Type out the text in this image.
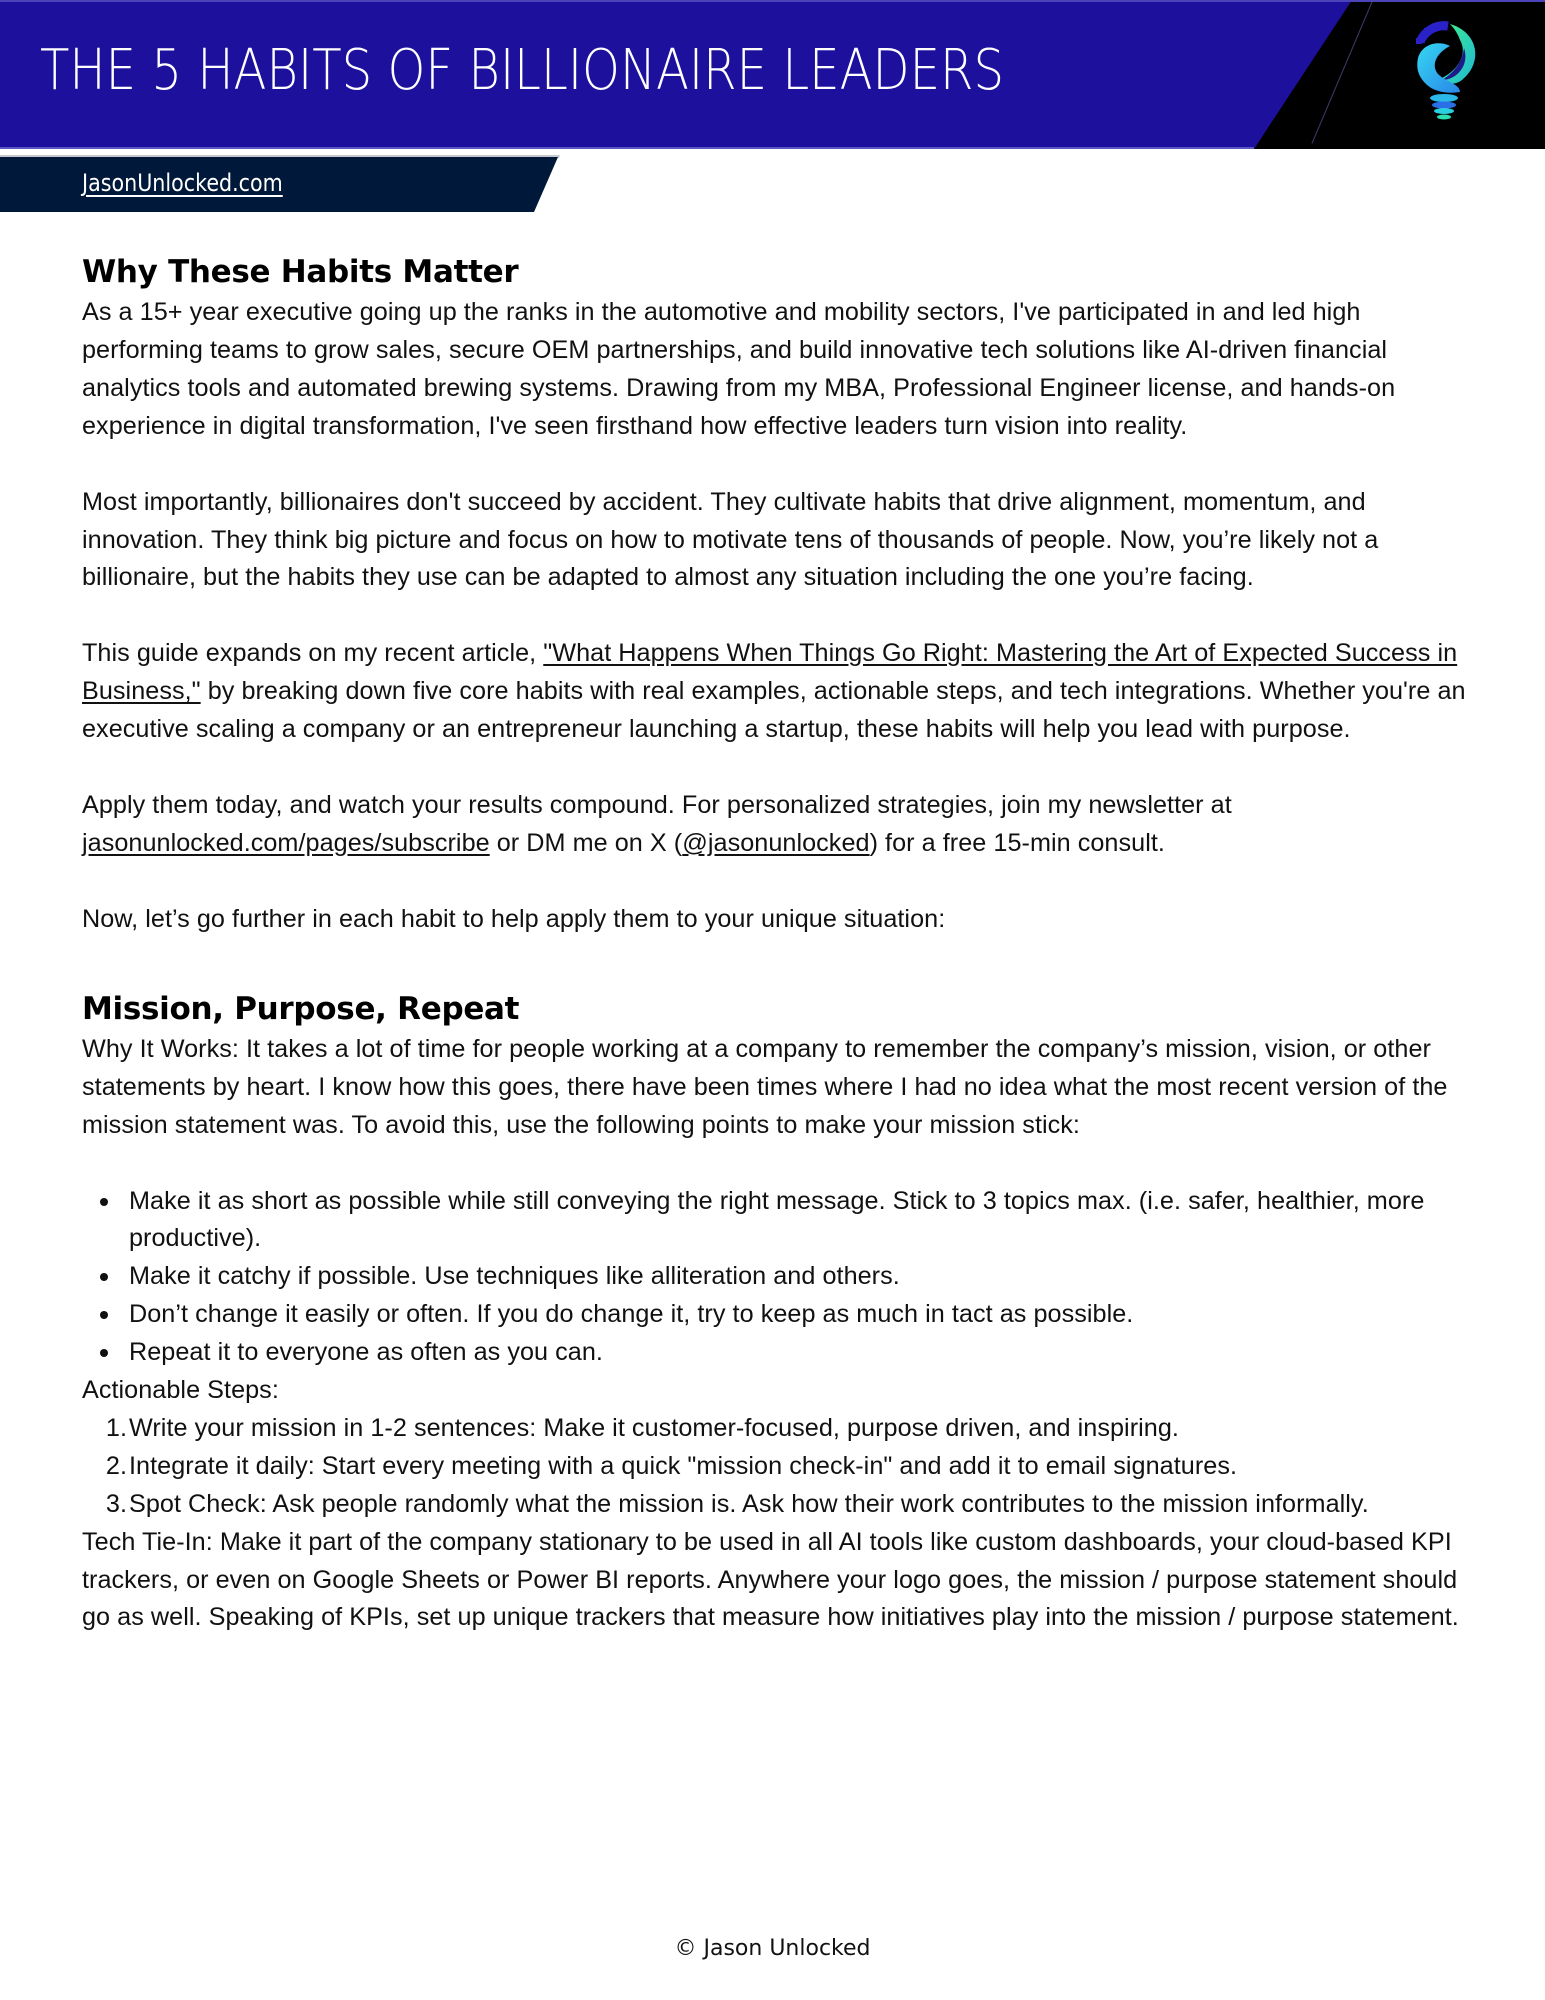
THE 5 HABITS OF BILLIONAIRE LEADERS
JasonUnlocked.com
Why These Habits Matter

As a 15+ year executive going up the ranks in the automotive and mobility sectors, I've participated in and led high performing teams to grow sales, secure OEM partnerships, and build innovative tech solutions like AI-driven financial analytics tools and automated brewing systems. Drawing from my MBA, Professional Engineer license, and hands-on experience in digital transformation, I've seen firsthand how effective leaders turn vision into reality.

Most importantly, billionaires don't succeed by accident. They cultivate habits that drive alignment, momentum, and innovation. They think big picture and focus on how to motivate tens of thousands of people. Now, you’re likely not a billionaire, but the habits they use can be adapted to almost any situation including the one you’re facing.

This guide expands on my recent article, "What Happens When Things Go Right: Mastering the Art of Expected Success in Business," by breaking down five core habits with real examples, actionable steps, and tech integrations. Whether you're an executive scaling a company or an entrepreneur launching a startup, these habits will help you lead with purpose.

Apply them today, and watch your results compound. For personalized strategies, join my newsletter at jasonunlocked.com/pages/subscribe or DM me on X (@jasonunlocked) for a free 15-min consult.

Now, let’s go further in each habit to help apply them to your unique situation:

Mission, Purpose, Repeat

Why It Works: It takes a lot of time for people working at a company to remember the company’s mission, vision, or other statements by heart. I know how this goes, there have been times where I had no idea what the most recent version of the mission statement was. To avoid this, use the following points to make your mission stick:

Make it as short as possible while still conveying the right message. Stick to 3 topics max. (i.e. safer, healthier, more productive).
Make it catchy if possible. Use techniques like alliteration and others.
Don’t change it easily or often. If you do change it, try to keep as much in tact as possible.
Repeat it to everyone as often as you can.

Actionable Steps:

1. Write your mission in 1-2 sentences: Make it customer-focused, purpose driven, and inspiring.
2. Integrate it daily: Start every meeting with a quick "mission check-in" and add it to email signatures.
3. Spot Check: Ask people randomly what the mission is. Ask how their work contributes to the mission informally.

Tech Tie-In: Make it part of the company stationary to be used in all AI tools like custom dashboards, your cloud-based KPI trackers, or even on Google Sheets or Power BI reports. Anywhere your logo goes, the mission / purpose statement should go as well. Speaking of KPIs, set up unique trackers that measure how initiatives play into the mission / purpose statement.

© Jason Unlocked
